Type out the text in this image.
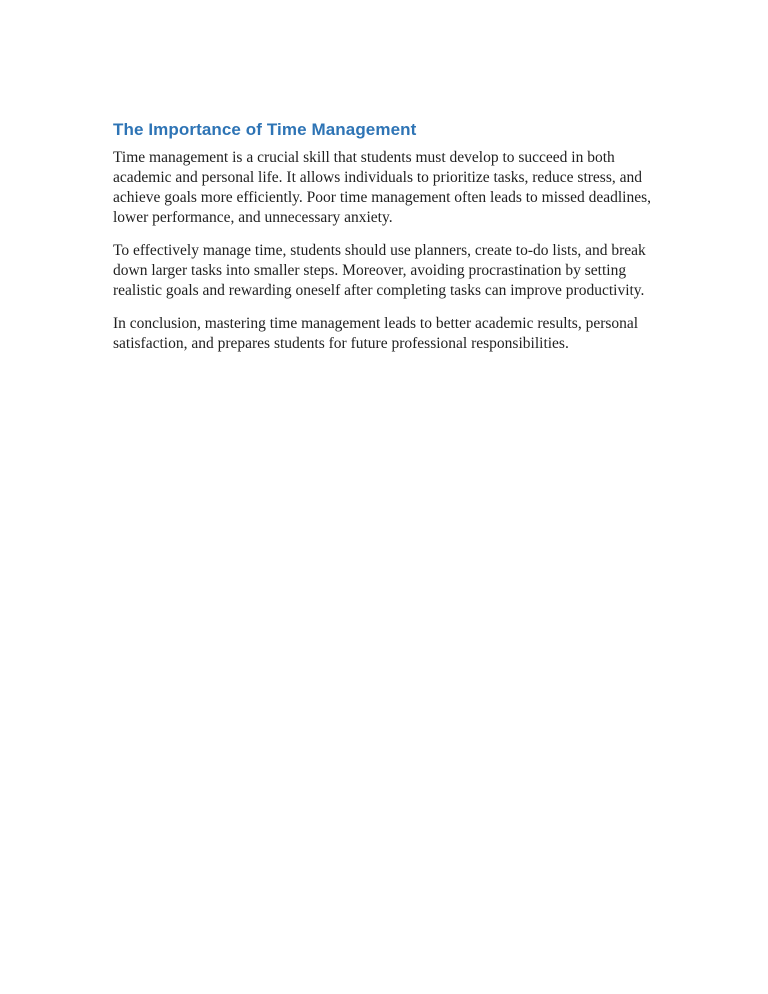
The Importance of Time Management

Time management is a crucial skill that students must develop to succeed in both academic and personal life. It allows individuals to prioritize tasks, reduce stress, and achieve goals more efficiently. Poor time management often leads to missed deadlines, lower performance, and unnecessary anxiety.

To effectively manage time, students should use planners, create to-do lists, and break down larger tasks into smaller steps. Moreover, avoiding procrastination by setting realistic goals and rewarding oneself after completing tasks can improve productivity.

In conclusion, mastering time management leads to better academic results, personal satisfaction, and prepares students for future professional responsibilities.
